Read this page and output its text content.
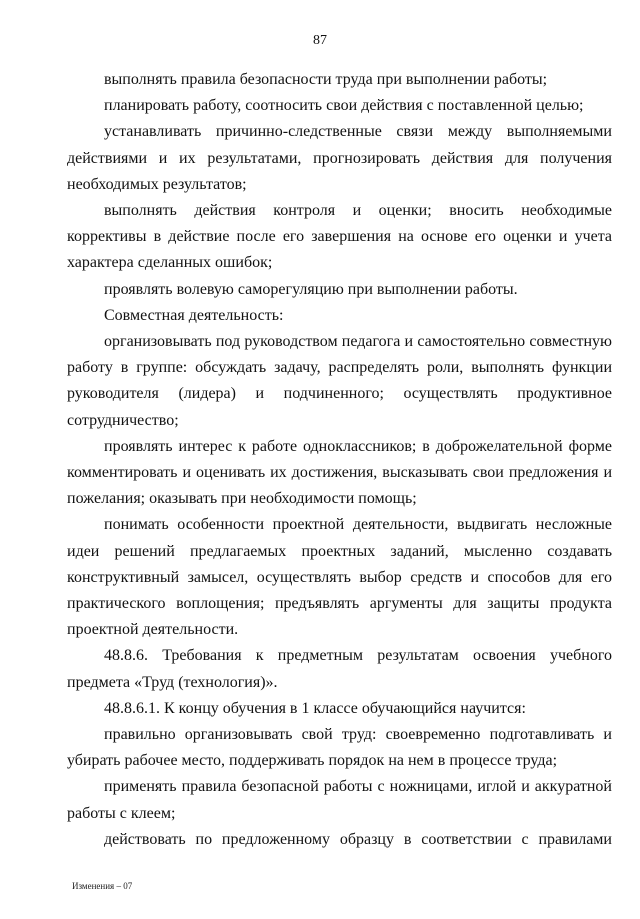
87

выполнять правила безопасности труда при выполнении работы;

планировать работу, соотносить свои действия с поставленной целью;

устанавливать причинно-следственные связи между выполняемыми действиями и их результатами, прогнозировать действия для получения необходимых результатов;

выполнять действия контроля и оценки; вносить необходимые коррективы в действие после его завершения на основе его оценки и учета характера сделанных ошибок;

проявлять волевую саморегуляцию при выполнении работы.

Совместная деятельность:

организовывать под руководством педагога и самостоятельно совместную работу в группе: обсуждать задачу, распределять роли, выполнять функции руководителя (лидера) и подчиненного; осуществлять продуктивное сотрудничество;

проявлять интерес к работе одноклассников; в доброжелательной форме комментировать и оценивать их достижения, высказывать свои предложения и пожелания; оказывать при необходимости помощь;

понимать особенности проектной деятельности, выдвигать несложные идеи решений предлагаемых проектных заданий, мысленно создавать конструктивный замысел, осуществлять выбор средств и способов для его практического воплощения; предъявлять аргументы для защиты продукта проектной деятельности.

48.8.6. Требования к предметным результатам освоения учебного предмета «Труд (технология)».

48.8.6.1. К концу обучения в 1 классе обучающийся научится:

правильно организовывать свой труд: своевременно подготавливать и убирать рабочее место, поддерживать порядок на нем в процессе труда;

применять правила безопасной работы с ножницами, иглой и аккуратной работы с клеем;

действовать по предложенному образцу в соответствии с правилами

Изменения – 07
